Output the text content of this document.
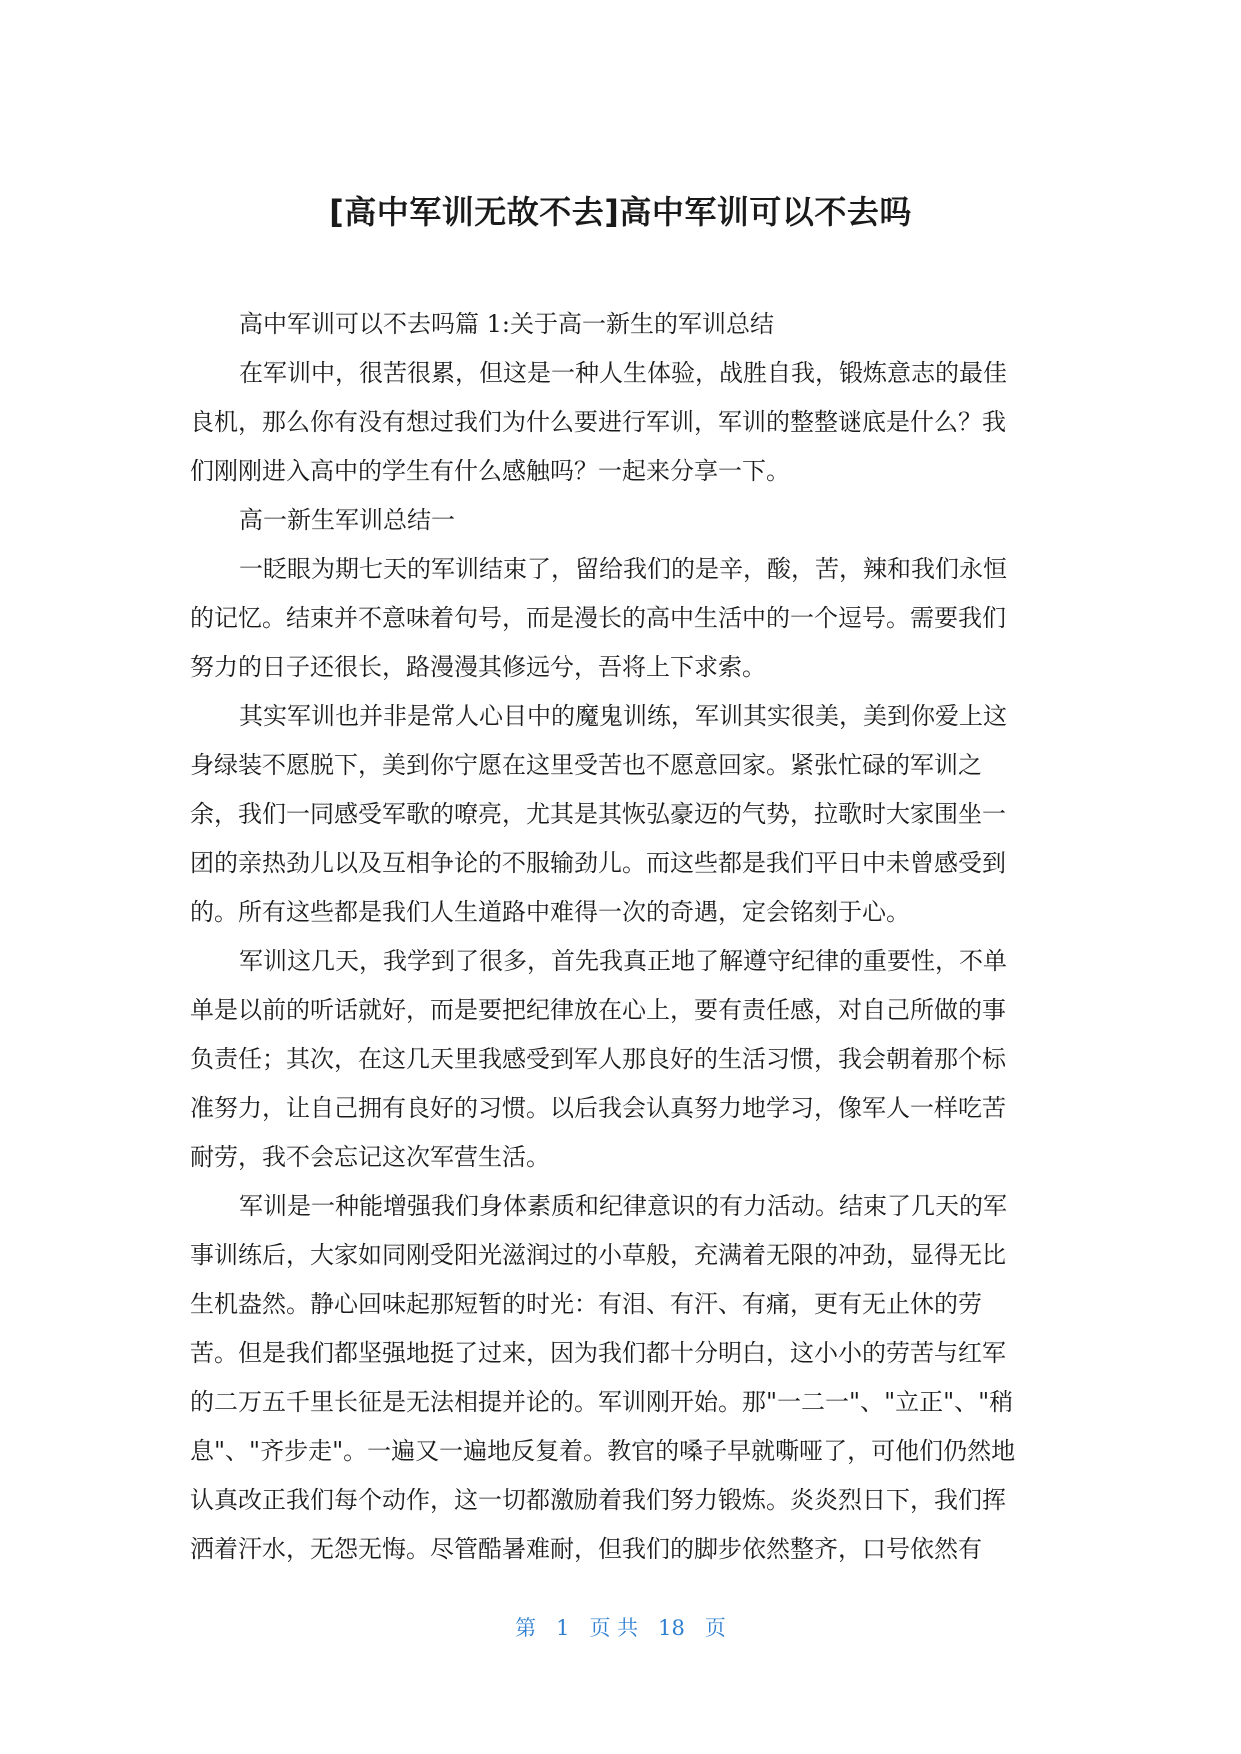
[高中军训无故不去]高中军训可以不去吗

高中军训可以不去吗篇 1:关于高一新生的军训总结

在军训中，很苦很累，但这是一种人生体验，战胜自我，锻炼意志的最佳

良机，那么你有没有想过我们为什么要进行军训，军训的整整谜底是什么？我

们刚刚进入高中的学生有什么感触吗？一起来分享一下。

高一新生军训总结一

一眨眼为期七天的军训结束了，留给我们的是辛，酸，苦，辣和我们永恒

的记忆。结束并不意味着句号，而是漫长的高中生活中的一个逗号。需要我们

努力的日子还很长，路漫漫其修远兮，吾将上下求索。

其实军训也并非是常人心目中的魔鬼训练，军训其实很美，美到你爱上这

身绿装不愿脱下，美到你宁愿在这里受苦也不愿意回家。紧张忙碌的军训之

余，我们一同感受军歌的嘹亮，尤其是其恢弘豪迈的气势，拉歌时大家围坐一

团的亲热劲儿以及互相争论的不服输劲儿。而这些都是我们平日中未曾感受到

的。所有这些都是我们人生道路中难得一次的奇遇，定会铭刻于心。

军训这几天，我学到了很多，首先我真正地了解遵守纪律的重要性，不单

单是以前的听话就好，而是要把纪律放在心上，要有责任感，对自己所做的事

负责任；其次，在这几天里我感受到军人那良好的生活习惯，我会朝着那个标

准努力，让自己拥有良好的习惯。以后我会认真努力地学习，像军人一样吃苦

耐劳，我不会忘记这次军营生活。

军训是一种能增强我们身体素质和纪律意识的有力活动。结束了几天的军

事训练后，大家如同刚受阳光滋润过的小草般，充满着无限的冲劲，显得无比

生机盎然。静心回味起那短暂的时光：有泪、有汗、有痛，更有无止休的劳

苦。但是我们都坚强地挺了过来，因为我们都十分明白，这小小的劳苦与红军

的二万五千里长征是无法相提并论的。军训刚开始。那"一二一"、"立正"、"稍

息"、"齐步走"。一遍又一遍地反复着。教官的嗓子早就嘶哑了，可他们仍然地

认真改正我们每个动作，这一切都激励着我们努力锻炼。炎炎烈日下，我们挥

洒着汗水，无怨无悔。尽管酷暑难耐，但我们的脚步依然整齐，口号依然有

第   1   页 共   18   页
